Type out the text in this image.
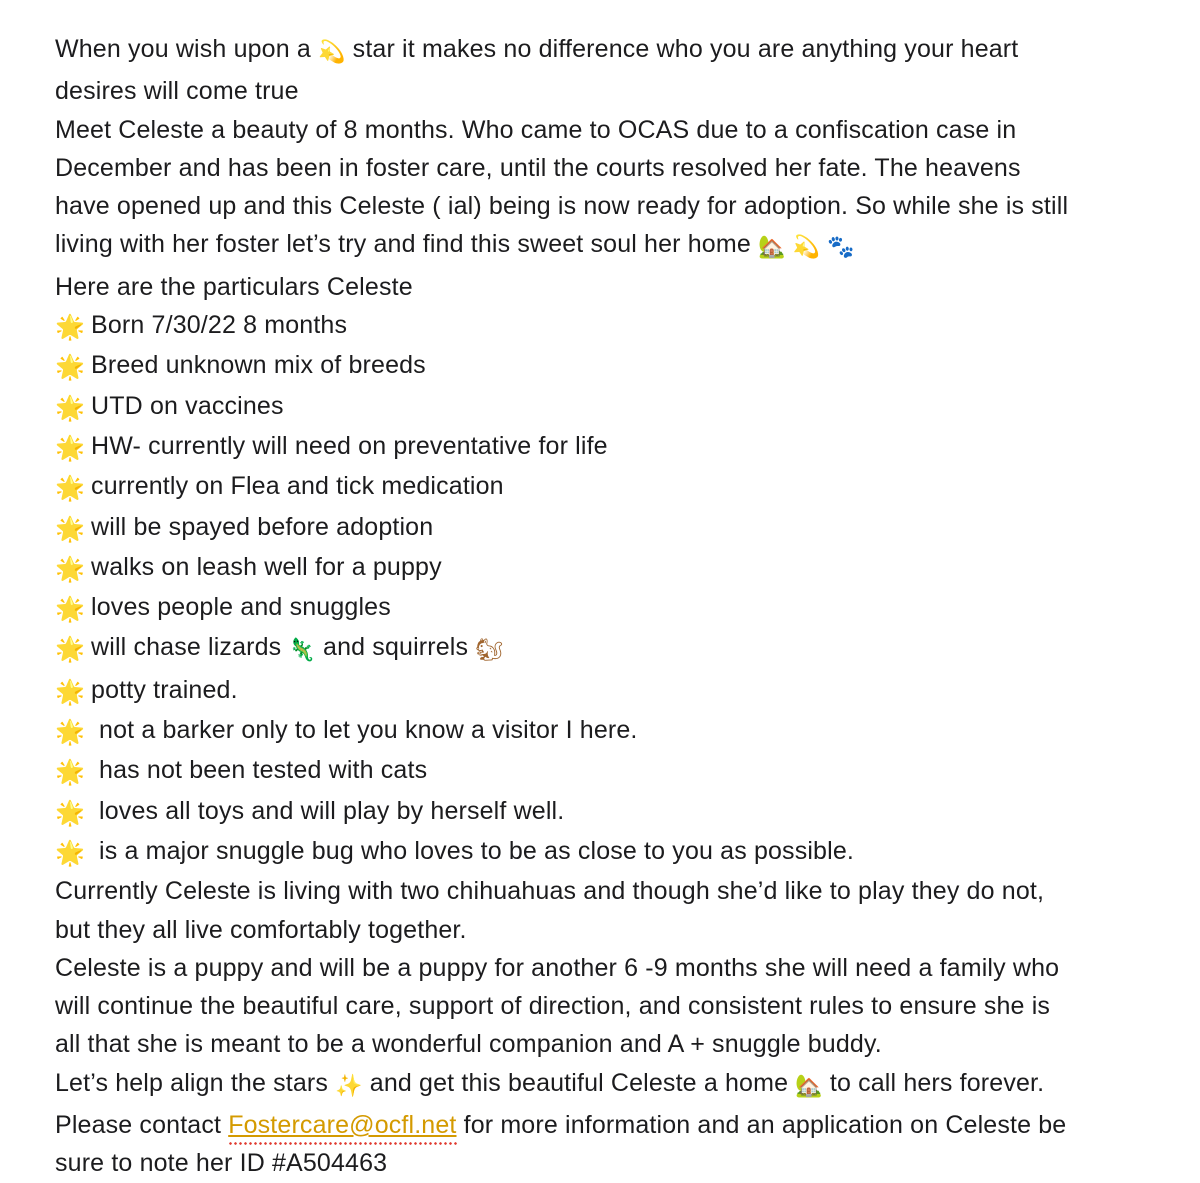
When you wish upon a 💫 star it makes no difference who you are anything your heart
desires will come true
Meet Celeste a beauty of 8 months. Who came to OCAS due to a confiscation case in
December and has been in foster care, until the courts resolved her fate. The heavens
have opened up and this Celeste ( ial) being is now ready for adoption. So while she is still
living with her foster let’s try and find this sweet soul her home 🏡 💫 🐾
Here are the particulars Celeste
🌟 Born 7/30/22 8 months
🌟 Breed unknown mix of breeds
🌟 UTD on vaccines
🌟 HW- currently will need on preventative for life
🌟 currently on Flea and tick medication
🌟 will be spayed before adoption
🌟 walks on leash well for a puppy
🌟 loves people and snuggles
🌟 will chase lizards 🦎 and squirrels 🐿
🌟 potty trained.
🌟 not a barker only to let you know a visitor I here.
🌟 has not been tested with cats
🌟 loves all toys and will play by herself well.
🌟 is a major snuggle bug who loves to be as close to you as possible.
Currently Celeste is living with two chihuahuas and though she’d like to play they do not,
but they all live comfortably together.
Celeste is a puppy and will be a puppy for another 6 -9 months she will need a family who
will continue the beautiful care, support of direction, and consistent rules to ensure she is
all that she is meant to be a wonderful companion and A + snuggle buddy.
Let’s help align the stars ✨ and get this beautiful Celeste a home 🏡 to call hers forever.
Please contact Fostercare@ocfl.net for more information and an application on Celeste be
sure to note her ID #A504463
